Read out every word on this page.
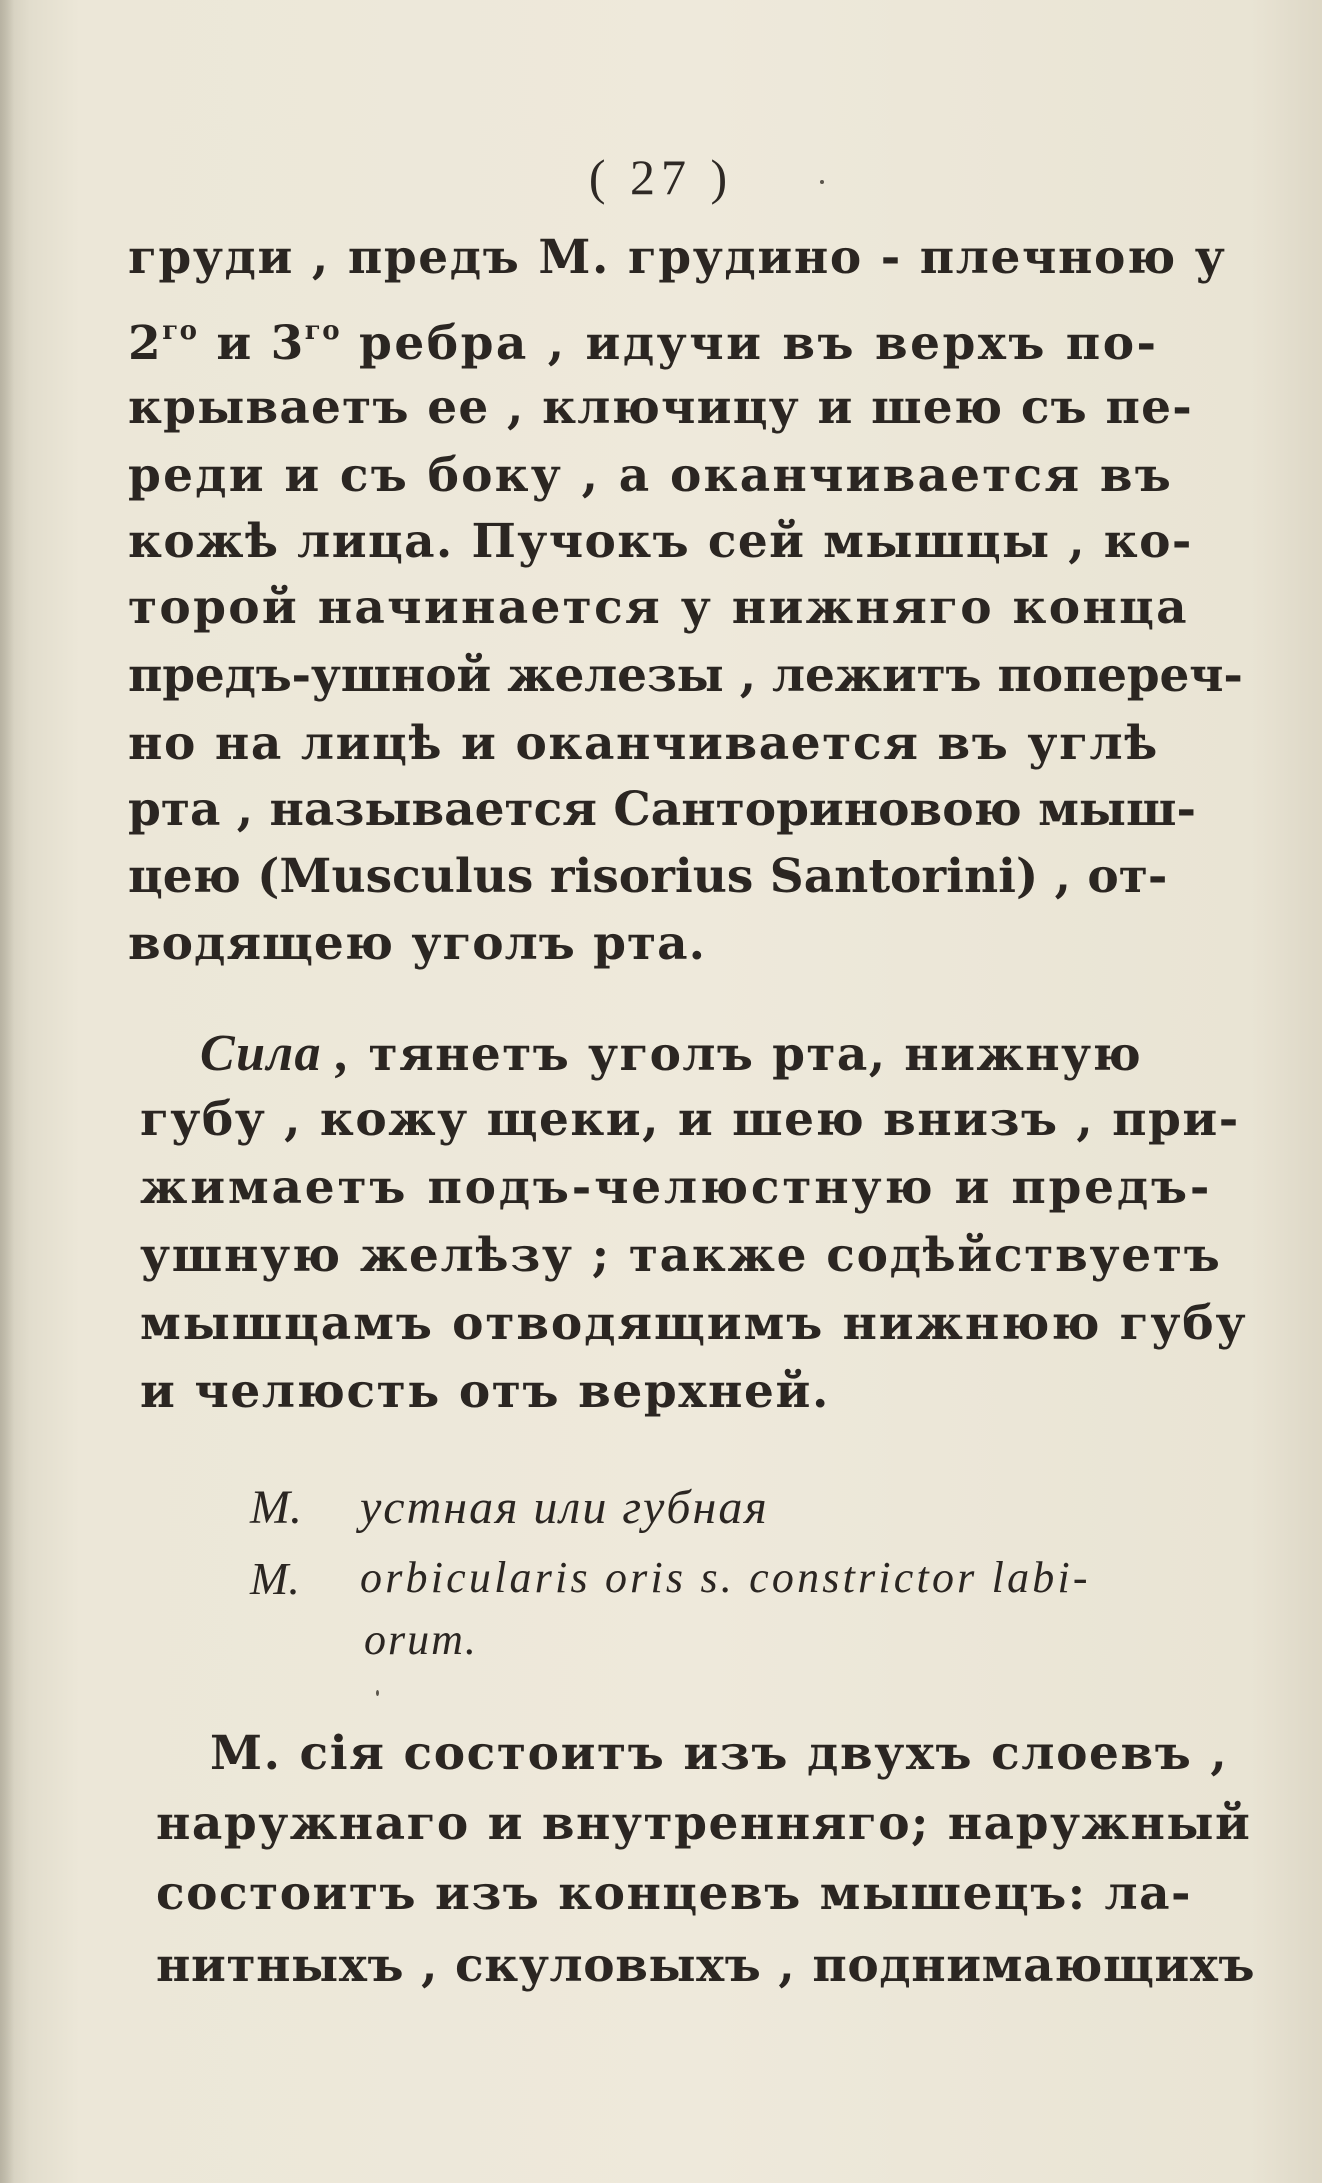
( 27 )
груди , предъ М. грудино - плечною у
$2^{го}$ и $3^{го}$ ребра , идучи въ верхъ по-
крываетъ ее , ключицу и шею съ пе-
реди и съ боку , а оканчивается въ
кожѣ лица. Пучокъ сей мышцы , ко-
торой начинается у нижняго конца
предъ-ушной железы , лежитъ попереч-
но на лицѣ и оканчивается въ углѣ
рта , называется Санториновою мыш-
цею (Musculus risorius Santorini) , от-
водящею уголъ рта.
Сила , тянетъ уголъ рта, нижную
губу , кожу щеки, и шею внизъ , при-
жимаетъ подъ-челюстную и предъ-
ушную желѣзу ; также содѣйствуетъ
мышцамъ отводящимъ нижнюю губу
и челюсть отъ верхней.
М. устная или губная
M. orbicularis oris s. constrictor labi-
orum.
М. сія состоитъ изъ двухъ слоевъ ,
наружнаго и внутренняго; наружный
состоитъ изъ концевъ мышецъ: ла-
нитныхъ , скуловыхъ , поднимающихъ
